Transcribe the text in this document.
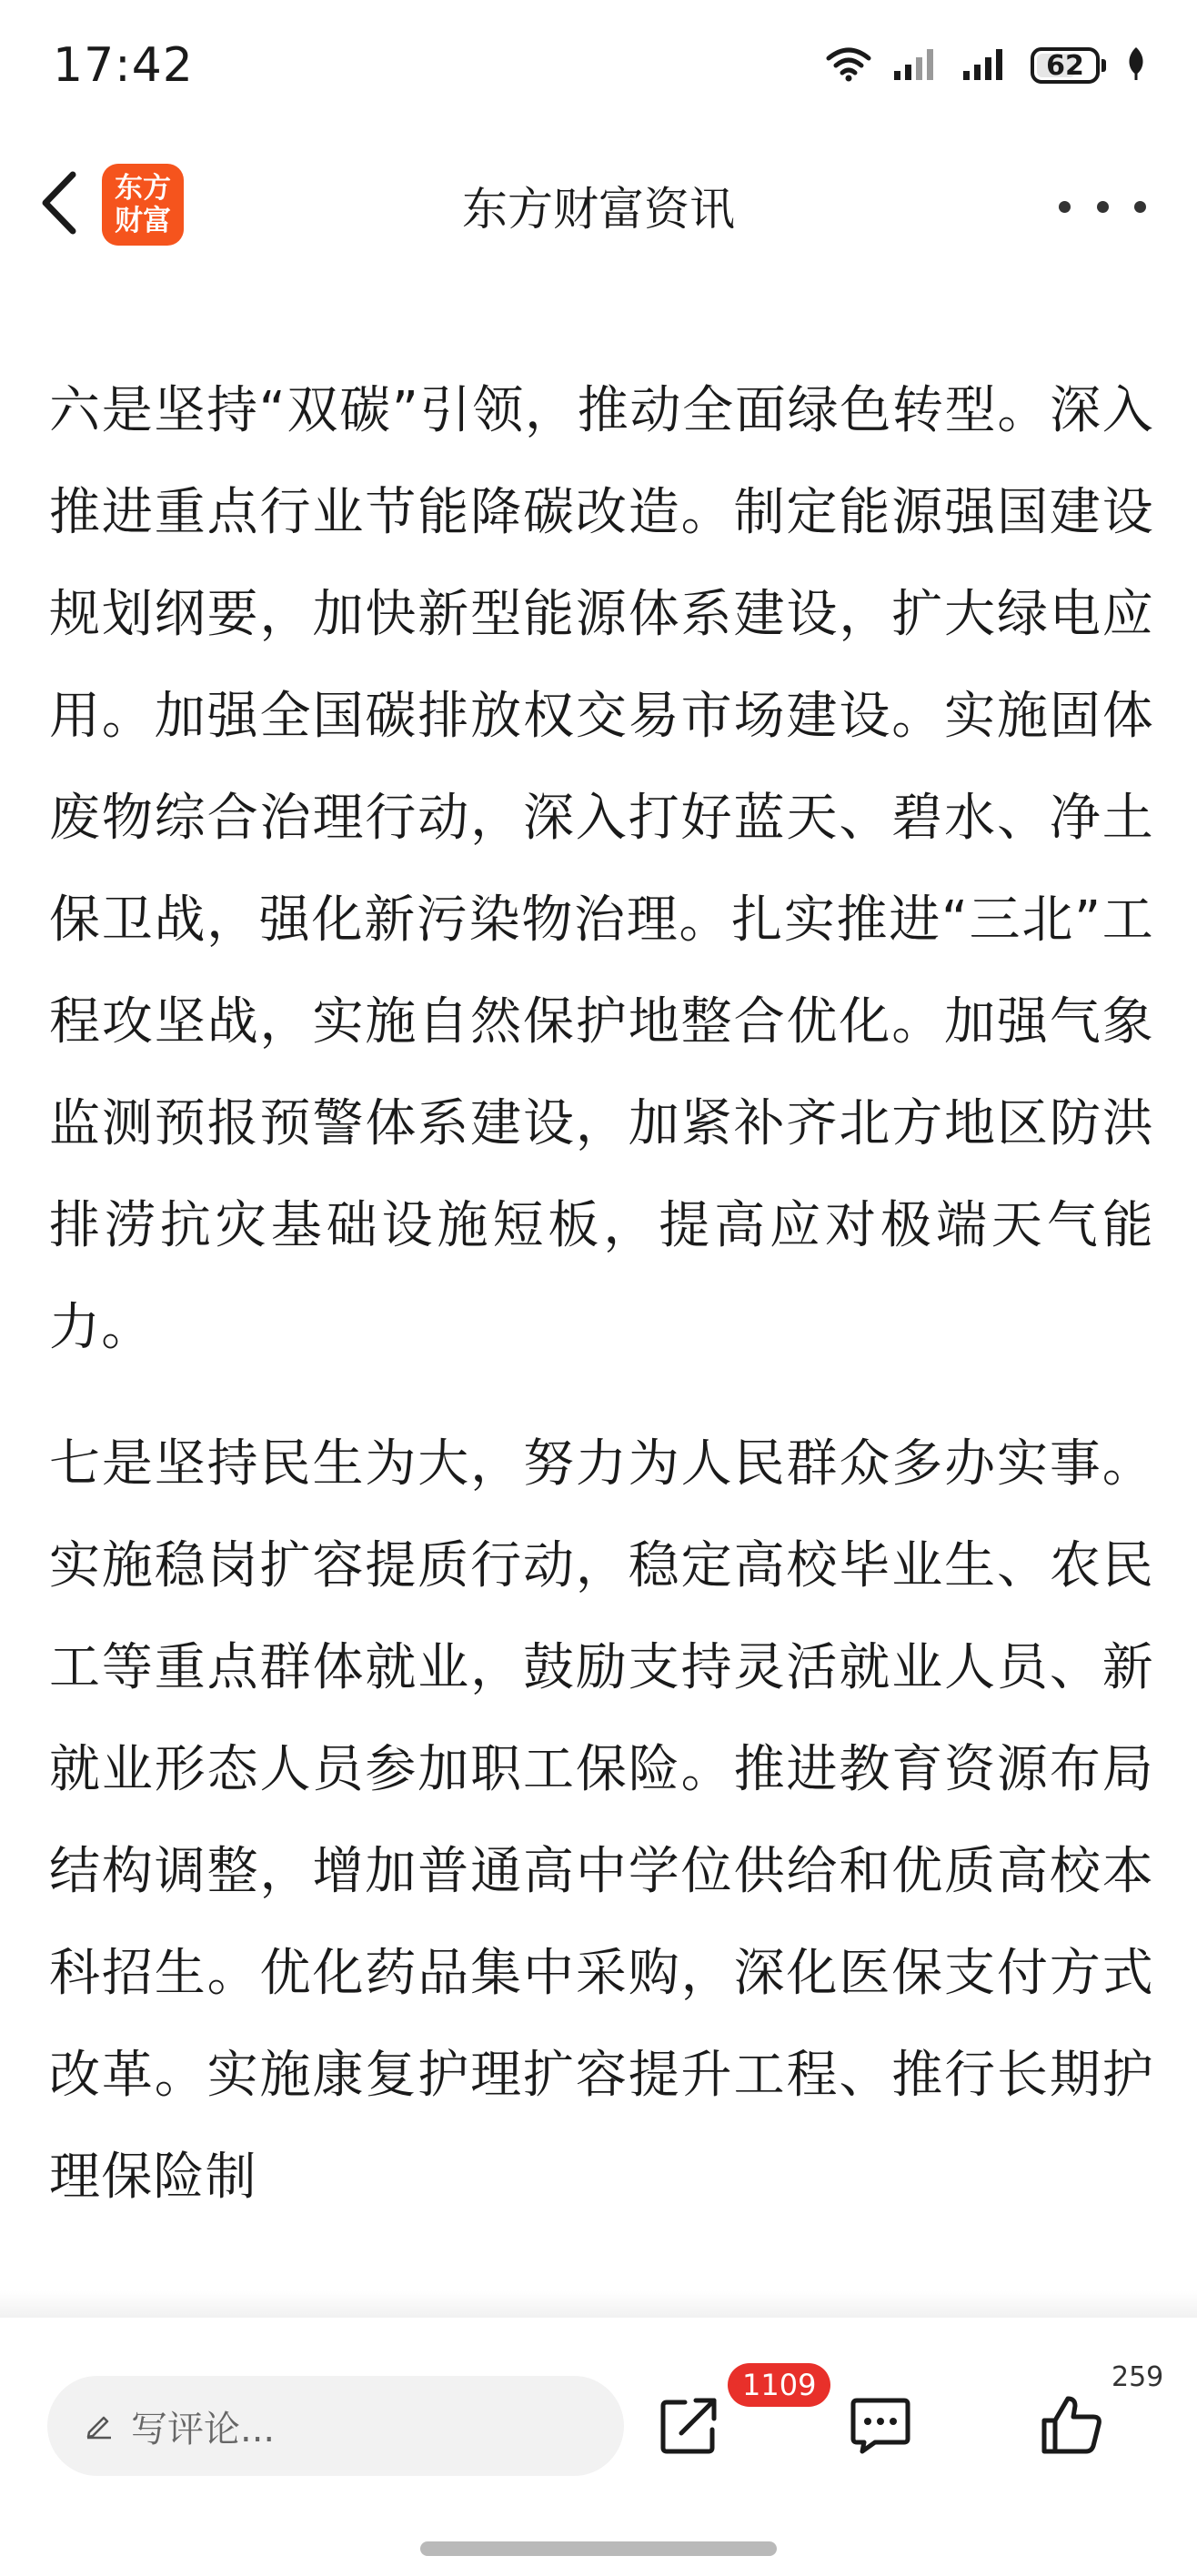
17:42	62
东方
财富	东方财富资讯

六是坚持“双碳”引领，推动全面绿色转型。深入推进重点行业节能降碳改造。制定能源强国建设规划纲要，加快新型能源体系建设，扩大绿电应用。加强全国碳排放权交易市场建设。实施固体废物综合治理行动，深入打好蓝天、碧水、净土保卫战，强化新污染物治理。扎实推进“三北”工程攻坚战，实施自然保护地整合优化。加强气象监测预报预警体系建设，加紧补齐北方地区防洪排涝抗灾基础设施短板，提高应对极端天气能力。

七是坚持民生为大，努力为人民群众多办实事。实施稳岗扩容提质行动，稳定高校毕业生、农民工等重点群体就业，鼓励支持灵活就业人员、新就业形态人员参加职工保险。推进教育资源布局结构调整，增加普通高中学位供给和优质高校本科招生。优化药品集中采购，深化医保支付方式改革。实施康复护理扩容提升工程、推行长期护理保险制

写评论...
1109	259
